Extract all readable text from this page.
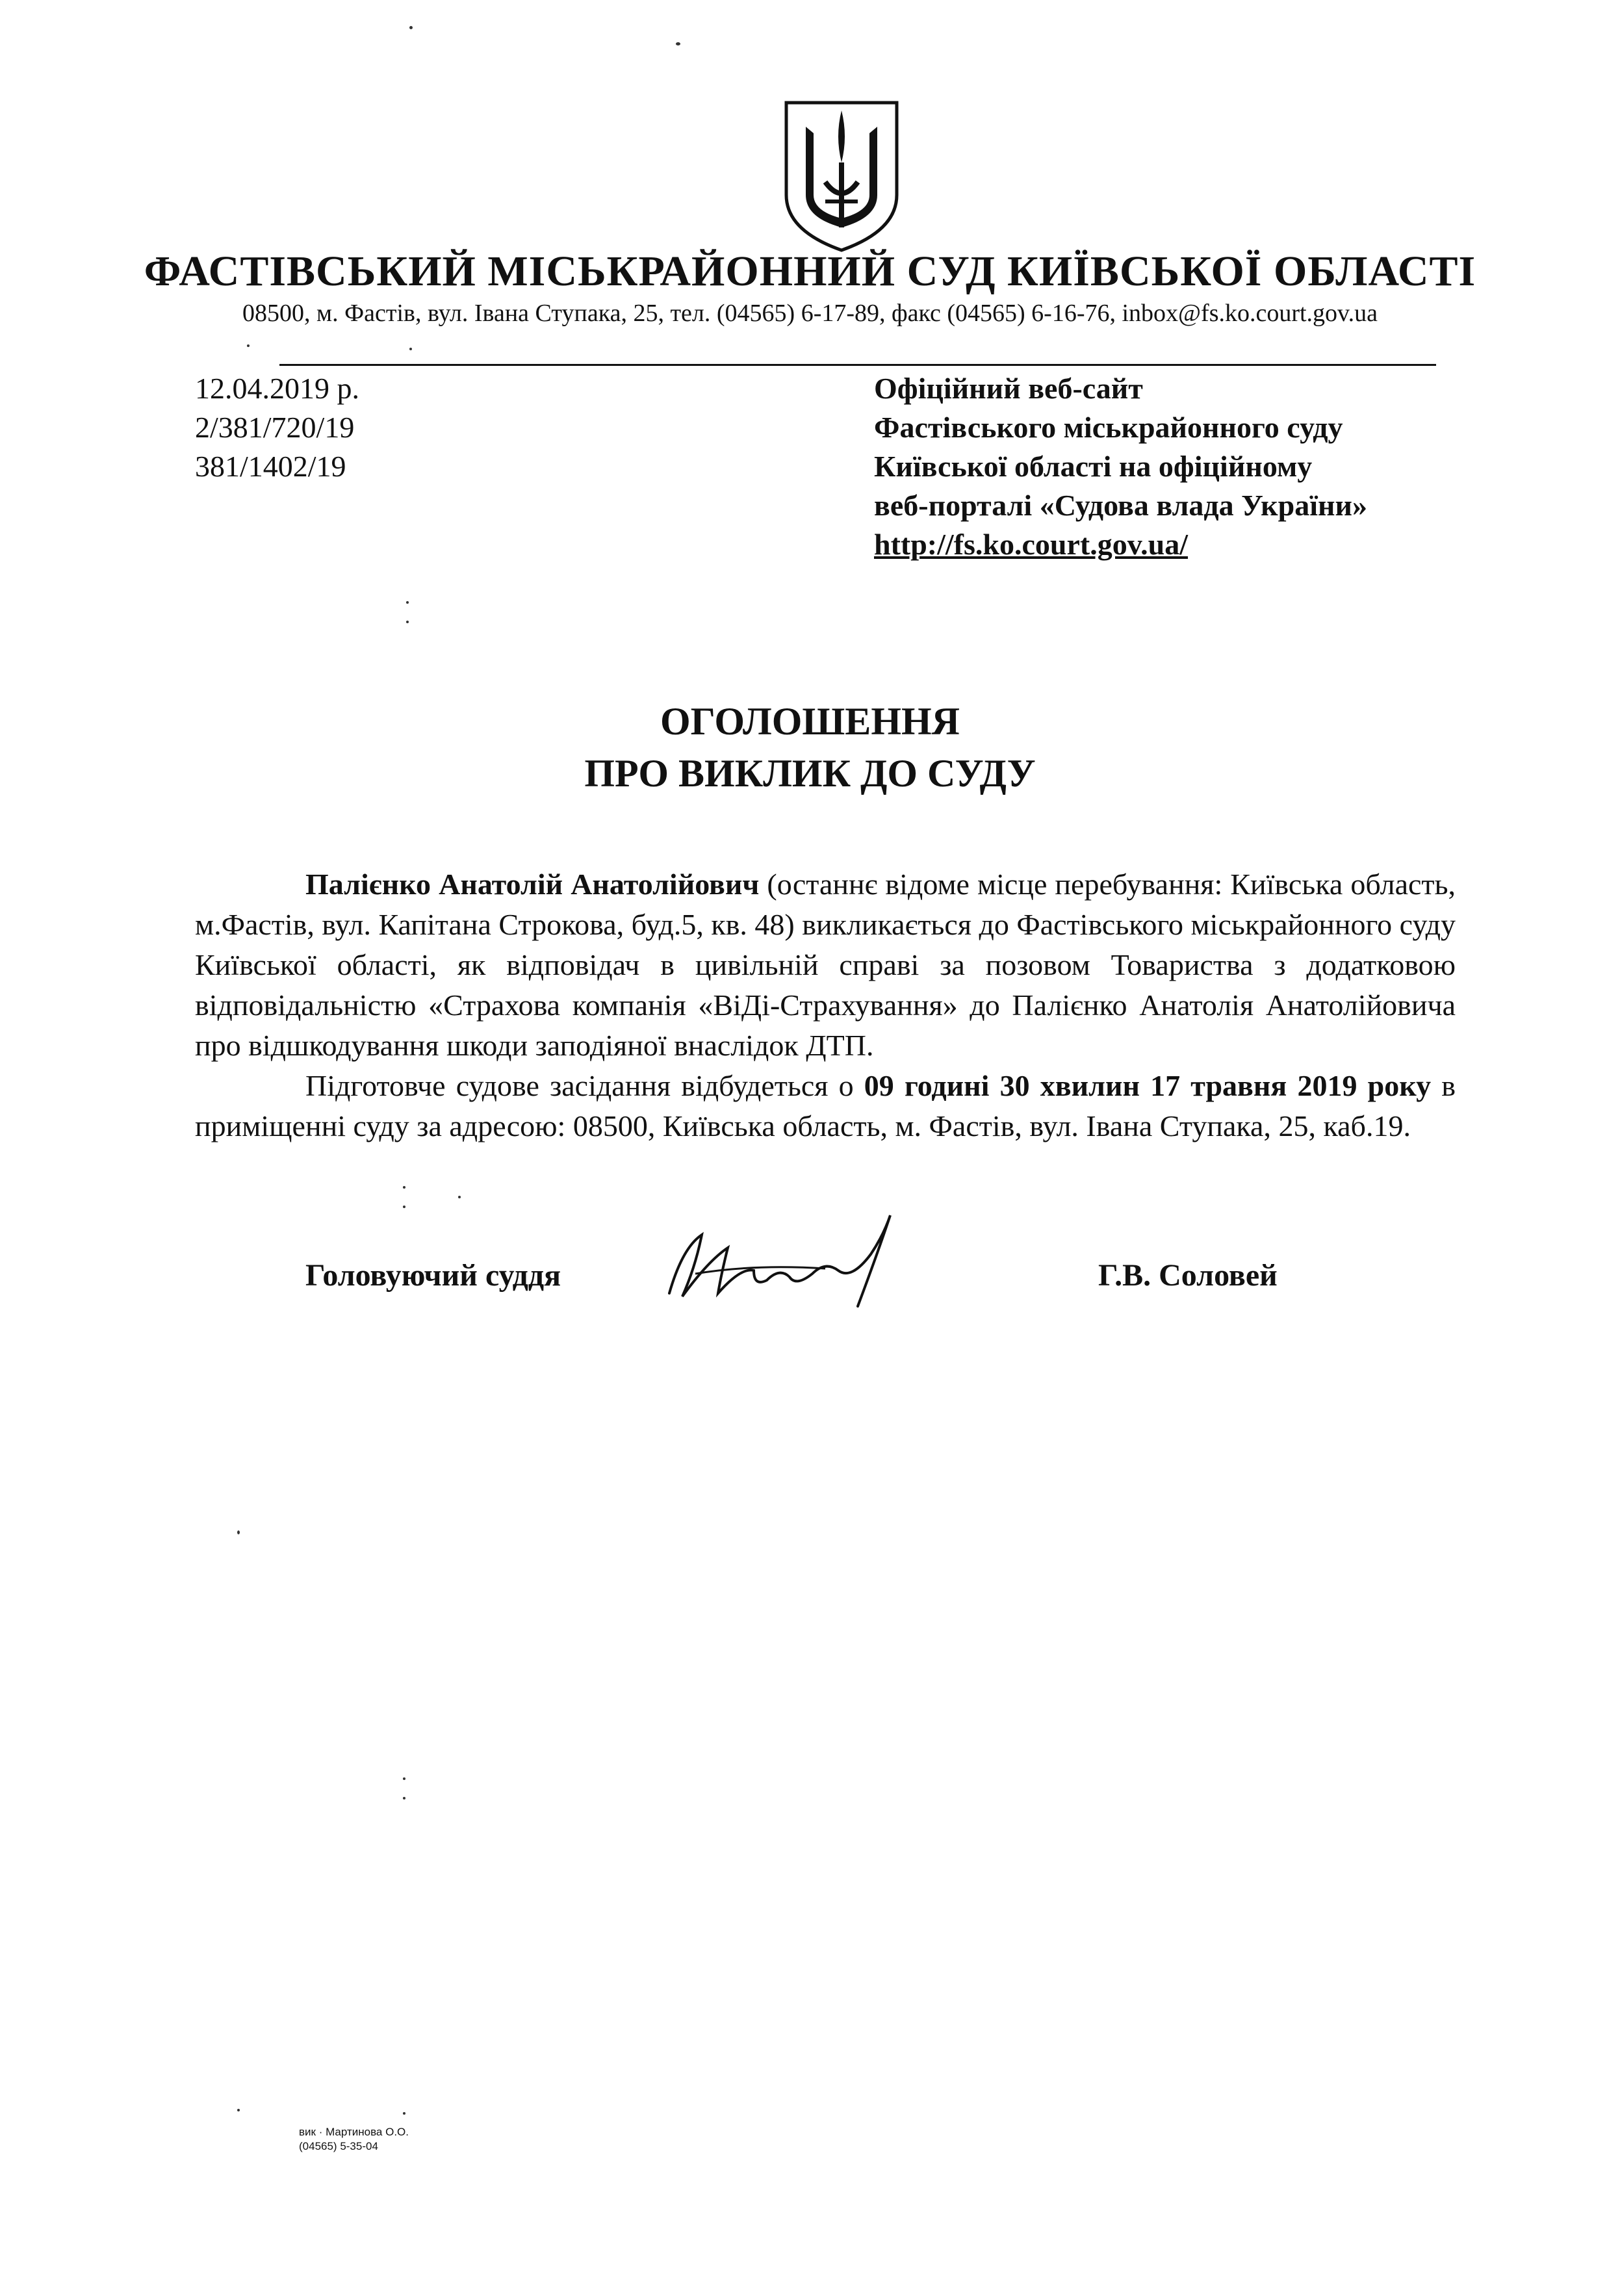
ФАСТІВСЬКИЙ МІСЬКРАЙОННИЙ СУД КИЇВСЬКОЇ ОБЛАСТІ
08500, м. Фастів, вул. Івана Ступака, 25, тел. (04565) 6-17-89, факс (04565) 6-16-76, inbox@fs.ko.court.gov.ua
12.04.2019 р.
2/381/720/19
381/1402/19
Офіційний веб-сайт
Фастівського міськрайонного суду
Київської області на офіційному
веб-порталі «Судова влада України»
http://fs.ko.court.gov.ua/
ОГОЛОШЕННЯ
ПРО ВИКЛИК ДО СУДУ

Палієнко Анатолій Анатолійович (останнє відоме місце перебування: Київська область, м.Фастів, вул. Капітана Строкова, буд.5, кв. 48) викликається до Фастівського міськрайонного суду Київської області, як відповідач в цивільній справі за позовом Товариства з додатковою відповідальністю «Страхова компанія «ВіДі-Страхування» до Палієнко Анатолія Анатолійовича про відшкодування шкоди заподіяної внаслідок ДТП.

Підготовче судове засідання відбудеться о 09 годині 30 хвилин 17 травня 2019 року в приміщенні суду за адресою: 08500, Київська область, м. Фастів, вул. Івана Ступака, 25, каб.19.

Головуючий суддя	Г.В. Соловей
вик · Мартинова О.О.
(04565) 5-35-04
